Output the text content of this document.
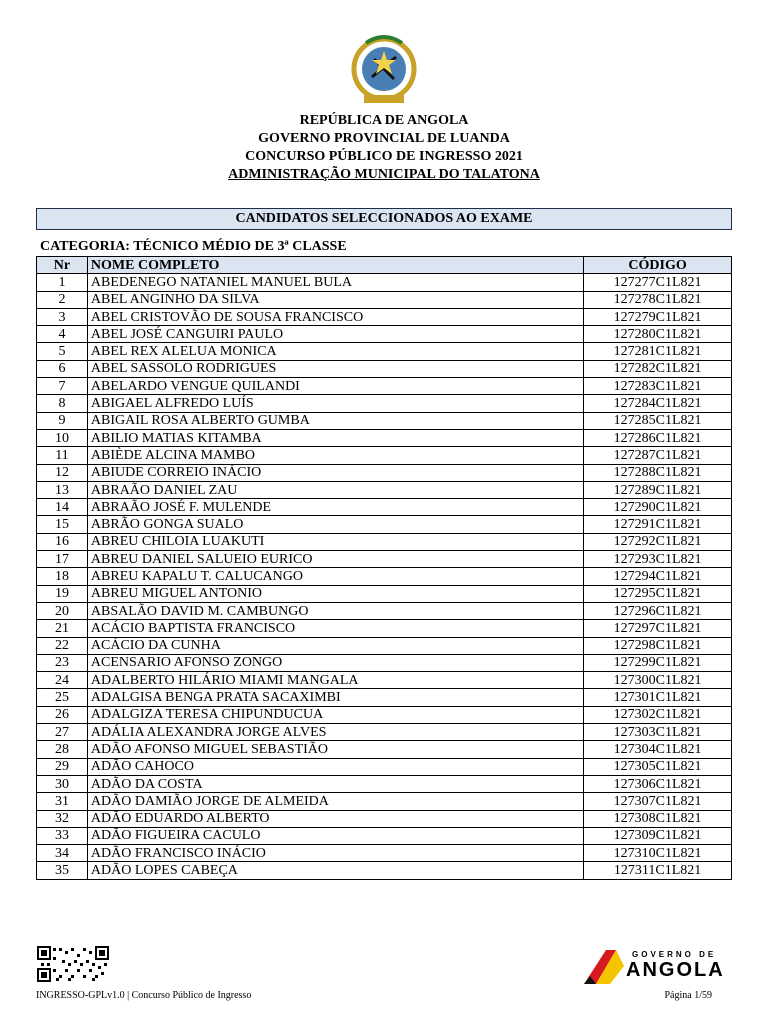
REPÚBLICA DE ANGOLA
GOVERNO PROVINCIAL DE LUANDA
CONCURSO PÚBLICO DE INGRESSO 2021
ADMINISTRAÇÃO MUNICIPAL DO TALATONA
CANDIDATOS SELECCIONADOS AO EXAME
CATEGORIA: TÉCNICO MÉDIO DE 3ª CLASSE
Nr	NOME COMPLETO	CÓDIGO
1	ABEDENEGO NATANIEL MANUEL BULA	127277C1L821
2	ABEL ANGINHO DA SILVA	127278C1L821
3	ABEL CRISTOVÃO DE SOUSA FRANCISCO	127279C1L821
4	ABEL JOSÉ CANGUIRI PAULO	127280C1L821
5	ABEL REX ALELUA MONICA	127281C1L821
6	ABEL SASSOLO RODRIGUES	127282C1L821
7	ABELARDO VENGUE QUILANDI	127283C1L821
8	ABIGAEL ALFREDO LUÍS	127284C1L821
9	ABIGAIL ROSA ALBERTO GUMBA	127285C1L821
10	ABILIO MATIAS KITAMBA	127286C1L821
11	ABIÈDE ALCINA MAMBO	127287C1L821
12	ABIUDE CORREIO INÁCIO	127288C1L821
13	ABRAÃO DANIEL ZAU	127289C1L821
14	ABRAÃO JOSÉ F. MULENDE	127290C1L821
15	ABRÃO GONGA SUALO	127291C1L821
16	ABREU CHILOIA LUAKUTI	127292C1L821
17	ABREU DANIEL SALUEIO EURICO	127293C1L821
18	ABREU KAPALU T. CALUCANGO	127294C1L821
19	ABREU MIGUEL ANTONIO	127295C1L821
20	ABSALÃO DAVID M. CAMBUNGO	127296C1L821
21	ACÁCIO BAPTISTA FRANCISCO	127297C1L821
22	ACÁCIO DA CUNHA	127298C1L821
23	ACENSARIO AFONSO ZONGO	127299C1L821
24	ADALBERTO HILÁRIO MIAMI MANGALA	127300C1L821
25	ADALGISA BENGA PRATA SACAXIMBI	127301C1L821
26	ADALGIZA TERESA CHIPUNDUCUA	127302C1L821
27	ADÁLIA ALEXANDRA JORGE ALVES	127303C1L821
28	ADÃO AFONSO MIGUEL SEBASTIÃO	127304C1L821
29	ADÃO CAHOCO	127305C1L821
30	ADÃO DA COSTA	127306C1L821
31	ADÃO DAMIÃO JORGE DE ALMEIDA	127307C1L821
32	ADÃO EDUARDO ALBERTO	127308C1L821
33	ADÃO FIGUEIRA CACULO	127309C1L821
34	ADÃO FRANCISCO INÁCIO	127310C1L821
35	ADÃO LOPES CABEÇA	127311C1L821
INGRESSO-GPLv1.0 | Concurso Público de Ingresso	Página 1/59
GOVERNO DE
ANGOLA
